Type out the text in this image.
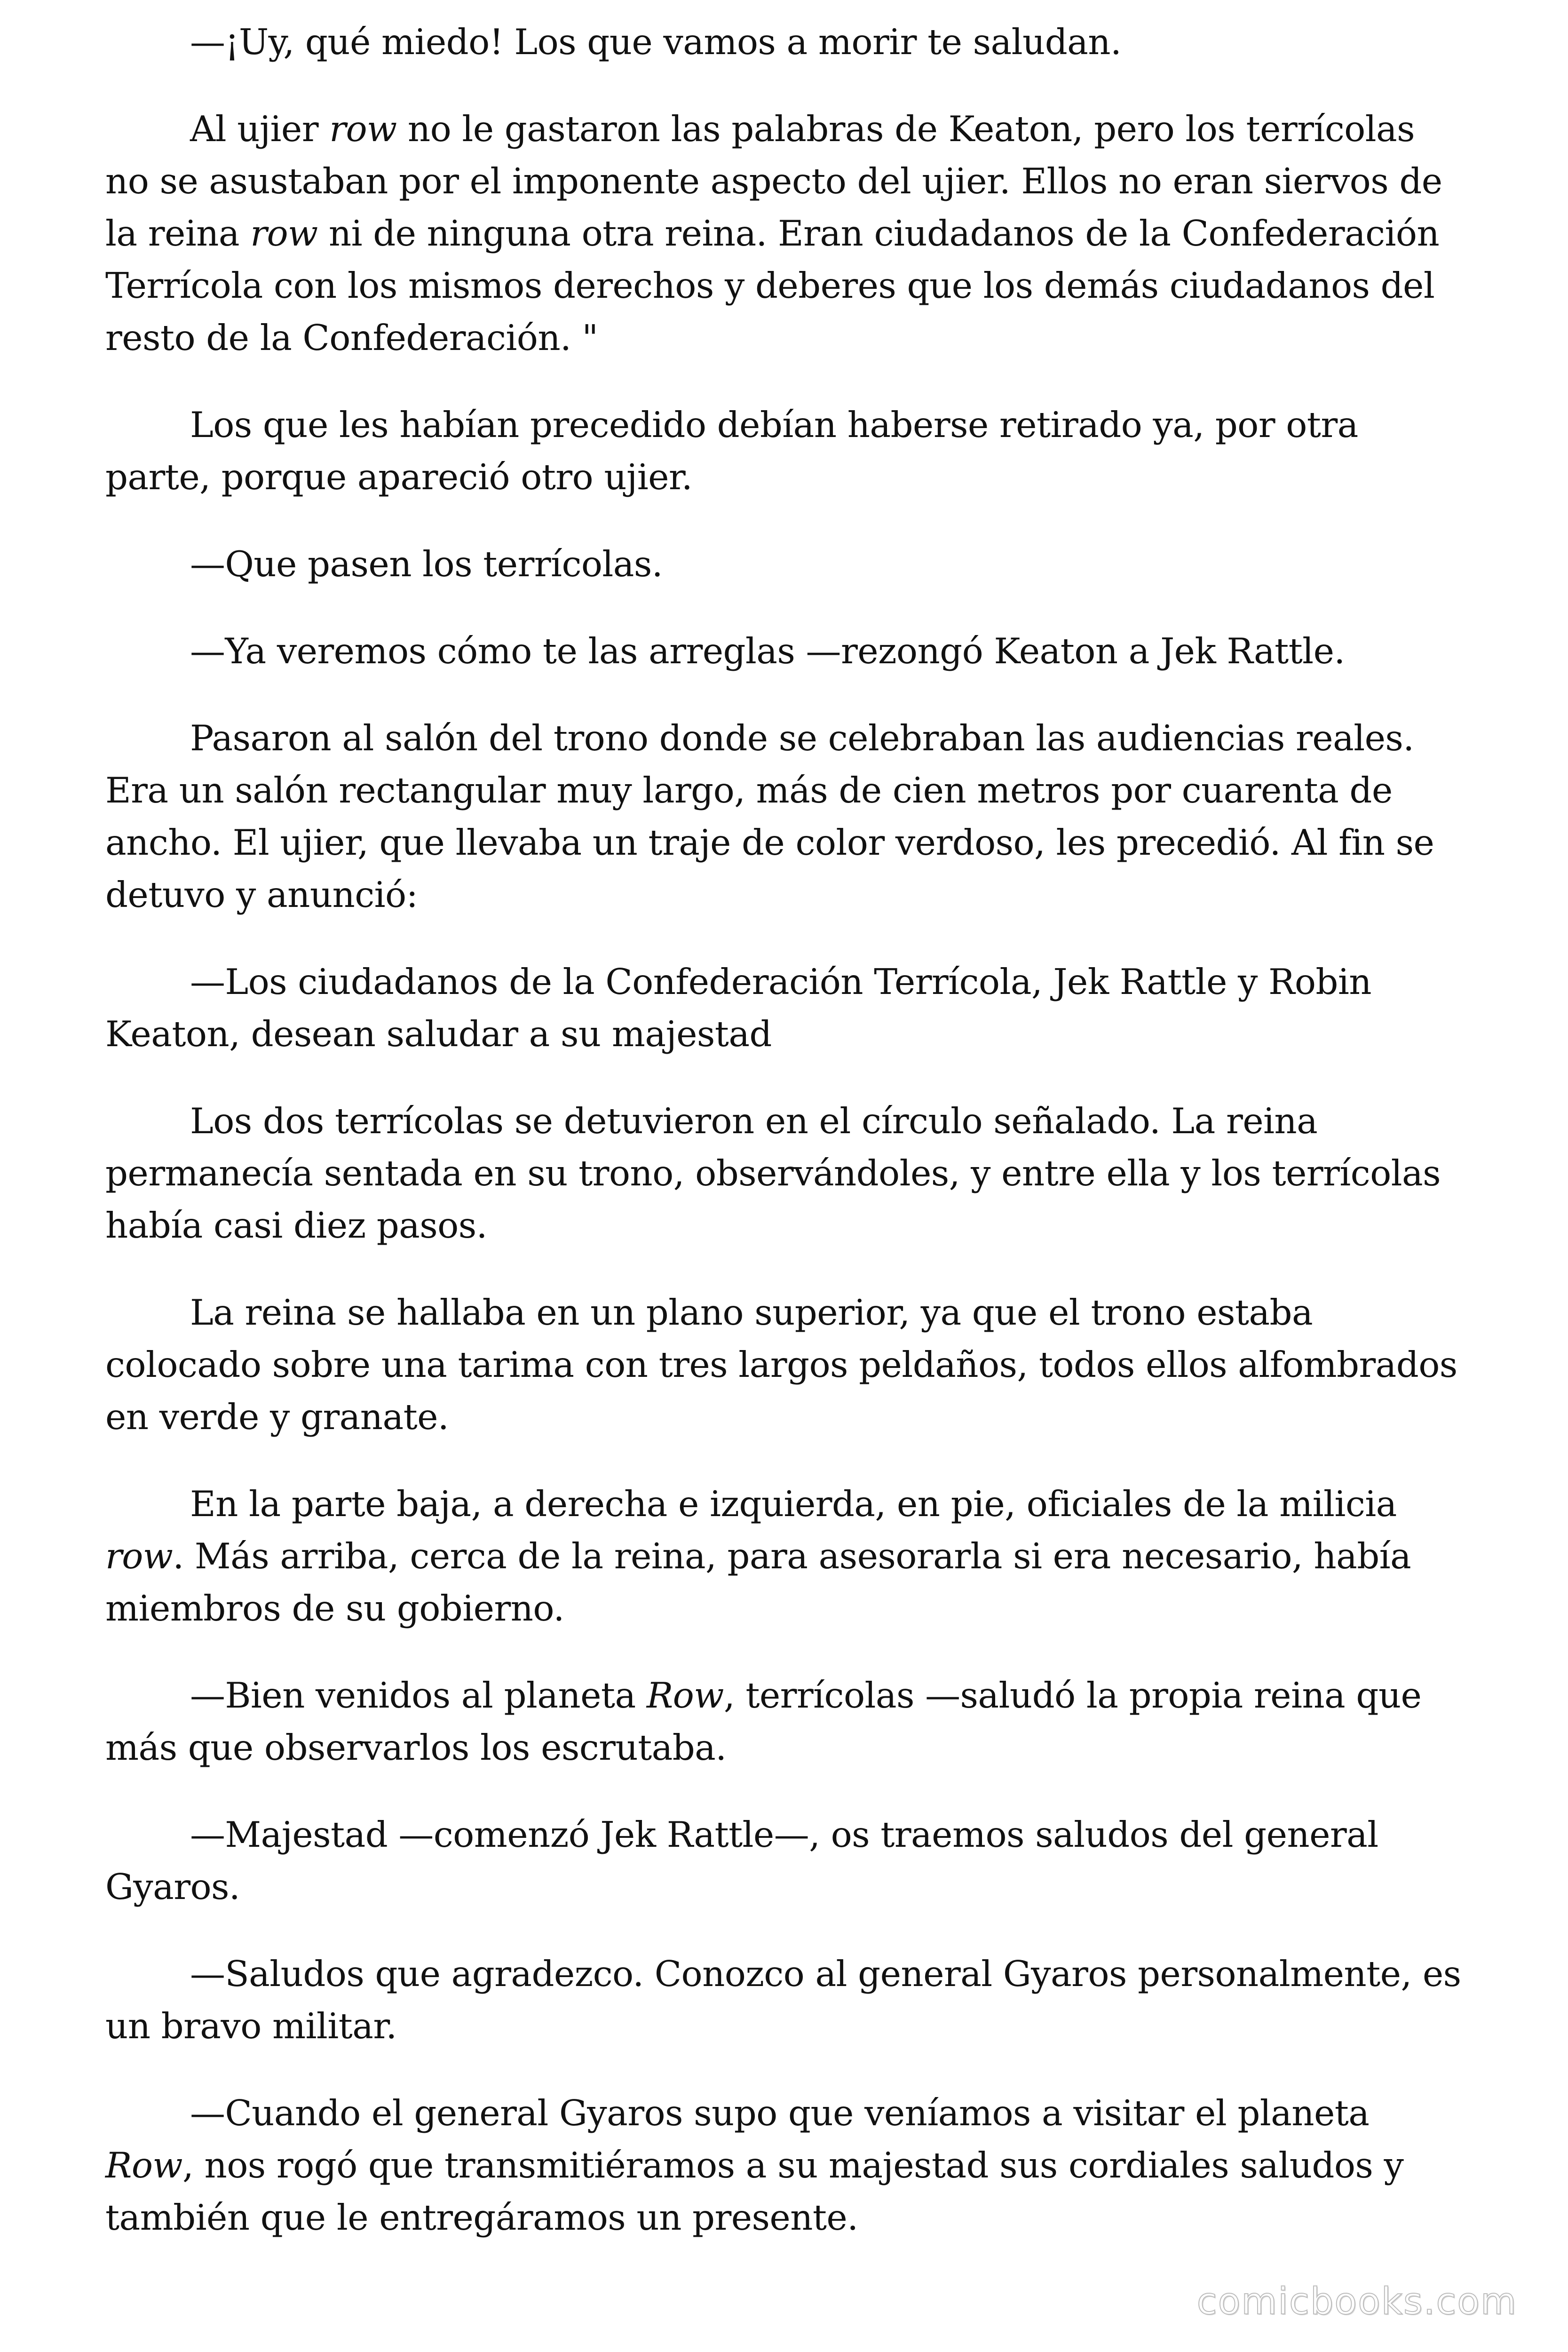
—¡Uy, qué miedo! Los que vamos a morir te saludan.

Al ujier row no le gastaron las palabras de Keaton, pero los terrícolas no se asustaban por el imponente aspecto del ujier. Ellos no eran siervos de la reina row ni de ninguna otra reina. Eran ciudadanos de la Confederación Terrícola con los mismos derechos y deberes que los demás ciudadanos del resto de la Confederación. "

Los que les habían precedido debían haberse retirado ya, por otra parte, porque apareció otro ujier.

—Que pasen los terrícolas.

—Ya veremos cómo te las arreglas —rezongó Keaton a Jek Rattle.

Pasaron al salón del trono donde se celebraban las audiencias reales. Era un salón rectangular muy largo, más de cien metros por cuarenta de ancho. El ujier, que llevaba un traje de color verdoso, les precedió. Al fin se detuvo y anunció:

—Los ciudadanos de la Confederación Terrícola, Jek Rattle y Robin Keaton, desean saludar a su majestad

Los dos terrícolas se detuvieron en el círculo señalado. La reina permanecía sentada en su trono, observándoles, y entre ella y los terrícolas había casi diez pasos.

La reina se hallaba en un plano superior, ya que el trono estaba colocado sobre una tarima con tres largos peldaños, todos ellos alfombrados en verde y granate.

En la parte baja, a derecha e izquierda, en pie, oficiales de la milicia row. Más arriba, cerca de la reina, para asesorarla si era necesario, había miembros de su gobierno.

—Bien venidos al planeta Row, terrícolas —saludó la propia reina que más que observarlos los escrutaba.

—Majestad —comenzó Jek Rattle—, os traemos saludos del general Gyaros.

—Saludos que agradezco. Conozco al general Gyaros personalmente, es un bravo militar.

—Cuando el general Gyaros supo que veníamos a visitar el planeta Row, nos rogó que transmitiéramos a su majestad sus cordiales saludos y también que le entregáramos un presente.

comicbooks.com
